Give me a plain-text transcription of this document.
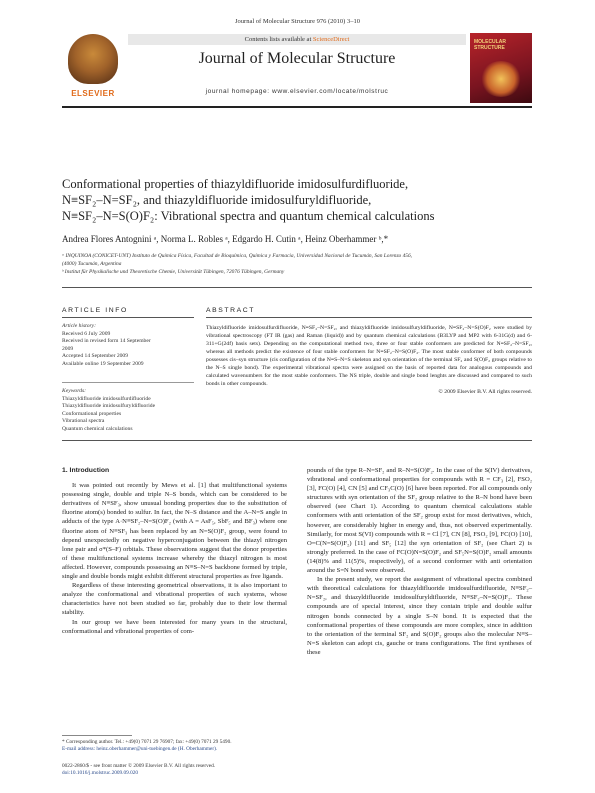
Journal of Molecular Structure 976 (2010) 3–10
ELSEVIER
Contents lists available at ScienceDirect
Journal of Molecular Structure
journal homepage: www.elsevier.com/locate/molstruc
MOLECULAR STRUCTURE
Conformational properties of thiazyldifluoride imidosulfurdifluoride,
N≡SF₂–N=SF₂, and thiazyldifluoride imidosulfuryldifluoride,
N≡SF₂–N=S(O)F₂: Vibrational spectra and quantum chemical calculations
Andrea Flores Antognini ᵃ, Norma L. Robles ᵃ, Edgardo H. Cutin ᵃ, Heinz Oberhammer ᵇ,*
ᵃ INQUINOA (CONICET-UNT) Instituto de Química Física, Facultad de Bioquímica, Química y Farmacia, Universidad Nacional de Tucumán, San Lorenzo 456,
(4000) Tucumán, Argentina
ᵇ Institut für Physikalische und Theoretische Chemie, Universität Tübingen, 72076 Tübingen, Germany
ARTICLE INFO	ABSTRACT
Article history:
Received 6 July 2009
Received in revised form 14 September
2009
Accepted 14 September 2009
Available online 19 September 2009
Keywords:
Thiazyldifluoride imidosulfurdifluoride
Thiazyldifluoride imidosulfuryldifluoride
Conformational properties
Vibrational spectra
Quantum chemical calculations
Thiazyldifluoride imidosulfurdifluoride, N≡SF₂–N=SF₂, and thiazyldifluoride imidosulfuryldifluoride, N≡SF₂–N=S(O)F₂ were studied by vibrational spectroscopy (FT IR (gas) and Raman (liquid)) and by quantum chemical calculations (B3LYP and MP2 with 6-31G(d) and 6-311+G(2df) basis sets). Depending on the computational method two, three or four stable conformers are predicted for N≡SF₂–N=SF₂, whereas all methods predict the existence of four stable conformers for N≡SF₂–N=S(O)F₂. The most stable conformer of both compounds possesses cis–syn structure (cis configuration of the N≡S–N=S skeleton and syn orientation of the terminal SF₂ and S(O)F₂ groups relative to the N–S single bond). The experimental vibrational spectra were assigned on the basis of reported data for analogous compounds and calculated wavenumbers for the most stable conformers. The NS triple, double and single bond lenghts are discussed and compared to such bonds in other compounds.
© 2009 Elsevier B.V. All rights reserved.
1. Introduction

It was pointed out recently by Mews et al. [1] that multifunctional systems possessing single, double and triple N–S bonds, which can be considered to be derivatives of N≡SF₃, show unusual bonding properties due to the substitution of fluorine atom(s) bonded to sulfur. In fact, the N–S distance and the A–N=S angle in adducts of the type A·N≡SF₂–N=S(O)F₂ (with A = AsF₅, SbF₅ and BF₃) where one fluorine atom of N≡SF₃ has been replaced by an N=S(O)F₂ group, were found to depend unexpectedly on negative hyperconjugation between the thiazyl nitrogen lone pair and σ*(S–F) orbitals. These observations suggest that the donor properties of these multifunctional systems increase whereby the thiazyl nitrogen is most affected. However, compounds possessing an N≡S–N=S backbone formed by triple, single and double bonds might exhibit different structural properties as free ligands.

Regardless of these interesting geometrical observations, it is also important to analyze the conformational and vibrational properties of such systems, whose characteristics have not been studied so far, probably due to their low thermal stability.

In our group we have been interested for many years in the structural, conformational and vibrational properties of com-

pounds of the type R–N=SF₂ and R–N=S(O)F₂. In the case of the S(IV) derivatives, vibrational and conformational properties for compounds with R = CF₃ [2], FSO₂ [3], FC(O) [4], CN [5] and CF₃C(O) [6] have been reported. For all compounds only structures with syn orientation of the SF₂ group relative to the R–N bond have been observed (see Chart 1). According to quantum chemical calculations stable conformers with anti orientation of the SF₂ group exist for most derivatives, which, however, are considerably higher in energy and, thus, not observed experimentally. Similarly, for most S(VI) compounds with R = Cl [7], CN [8], FSO₂ [9], FC(O) [10], O=C(N=S(O)F₂) [11] and SF₅ [12] the syn orientation of SF₂ (see Chart 2) is strongly preferred. In the case of FC(O)N=S(O)F₂ and SF₅N=S(O)F₂ small amounts (14(8)% and 11(5)%, respectively), of a second conformer with anti orientation around the S=N bond were observed.

In the present study, we report the assignment of vibrational spectra combined with theoretical calculations for thiazyldifluoride imidosulfurdifluoride, N≡SF₂–N=SF₂, and thiazyldifluoride imidosulfuryldifluoride, N≡SF₂–N=S(O)F₂. These compounds are of special interest, since they contain triple and double sulfur nitrogen bonds connected by a single S–N bond. It is expected that the conformational properties of these compounds are more complex, since in addition to the orientation of the terminal SF₂ and S(O)F₂ groups also the molecular N≡S–N=S skeleton can adopt cis, gauche or trans configurations. The first syntheses of these

* Corresponding author. Tel.: +49(0) 7071 29 76907; fax: +49(0) 7071 29 5490.
E-mail address: heinz.oberhammer@uni-tuebingen.de (H. Oberhammer).
0022-2860/$ - see front matter © 2009 Elsevier B.V. All rights reserved.
doi:10.1016/j.molstruc.2009.09.020
